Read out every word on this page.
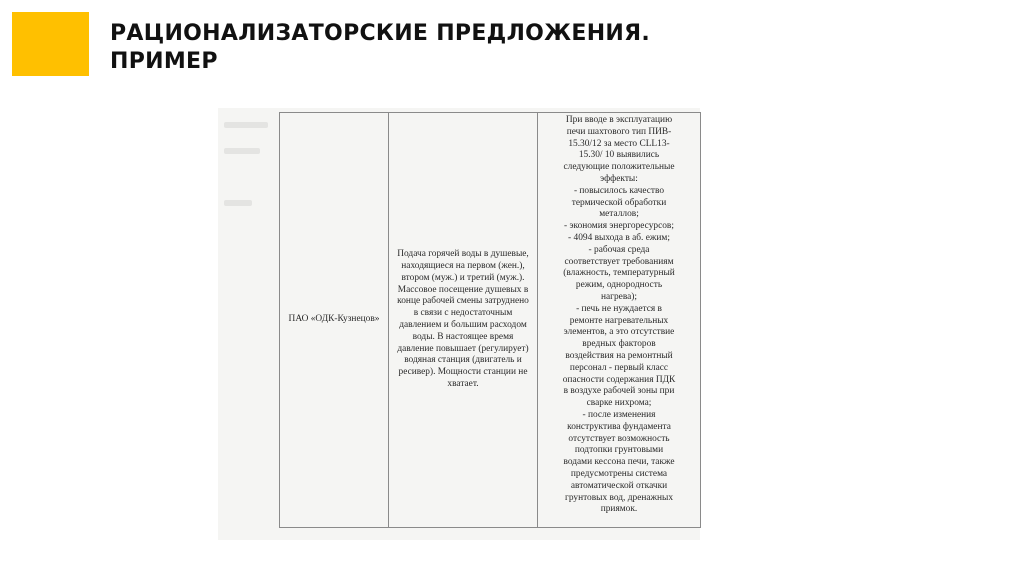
РАЦИОНАЛИЗАТОРСКИЕ ПРЕДЛОЖЕНИЯ.
ПРИМЕР
ПАО «ОДК-Кузнецов»

Подача горячей воды в душевые,
находящиеся на первом (жен.),
втором (муж.) и третий (муж.).
Массовое посещение душевых в
конце рабочей смены затруднено
в связи с недостаточным
давлением и большим расходом
воды. В настоящее время
давление повышает (регулирует)
водяная станция (двигатель и
ресивер). Мощности станции не
хватает.

При вводе в эксплуатацию
печи шахтового тип ПИВ-
15.30/12 за место CLL13-
15.30/ 10 выявились
следующие положительные
эффекты:
- повысилось качество
термической обработки
металлов;
- экономия энергоресурсов;
- 4094 выхода в аб. ежим;
- рабочая среда
соответствует требованиям
(влажность, температурный
режим, однородность
нагрева);
- печь не нуждается в
ремонте нагревательных
элементов, а это отсутствие
вредных факторов
воздействия на ремонтный
персонал - первый класс
опасности содержания ПДК
в воздухе рабочей зоны при
сварке нихрома;
- после изменения
конструктива фундамента
отсутствует возможность
подтопки грунтовыми
водами кессона печи, также
предусмотрены система
автоматической откачки
грунтовых вод, дренажных
приямок.
